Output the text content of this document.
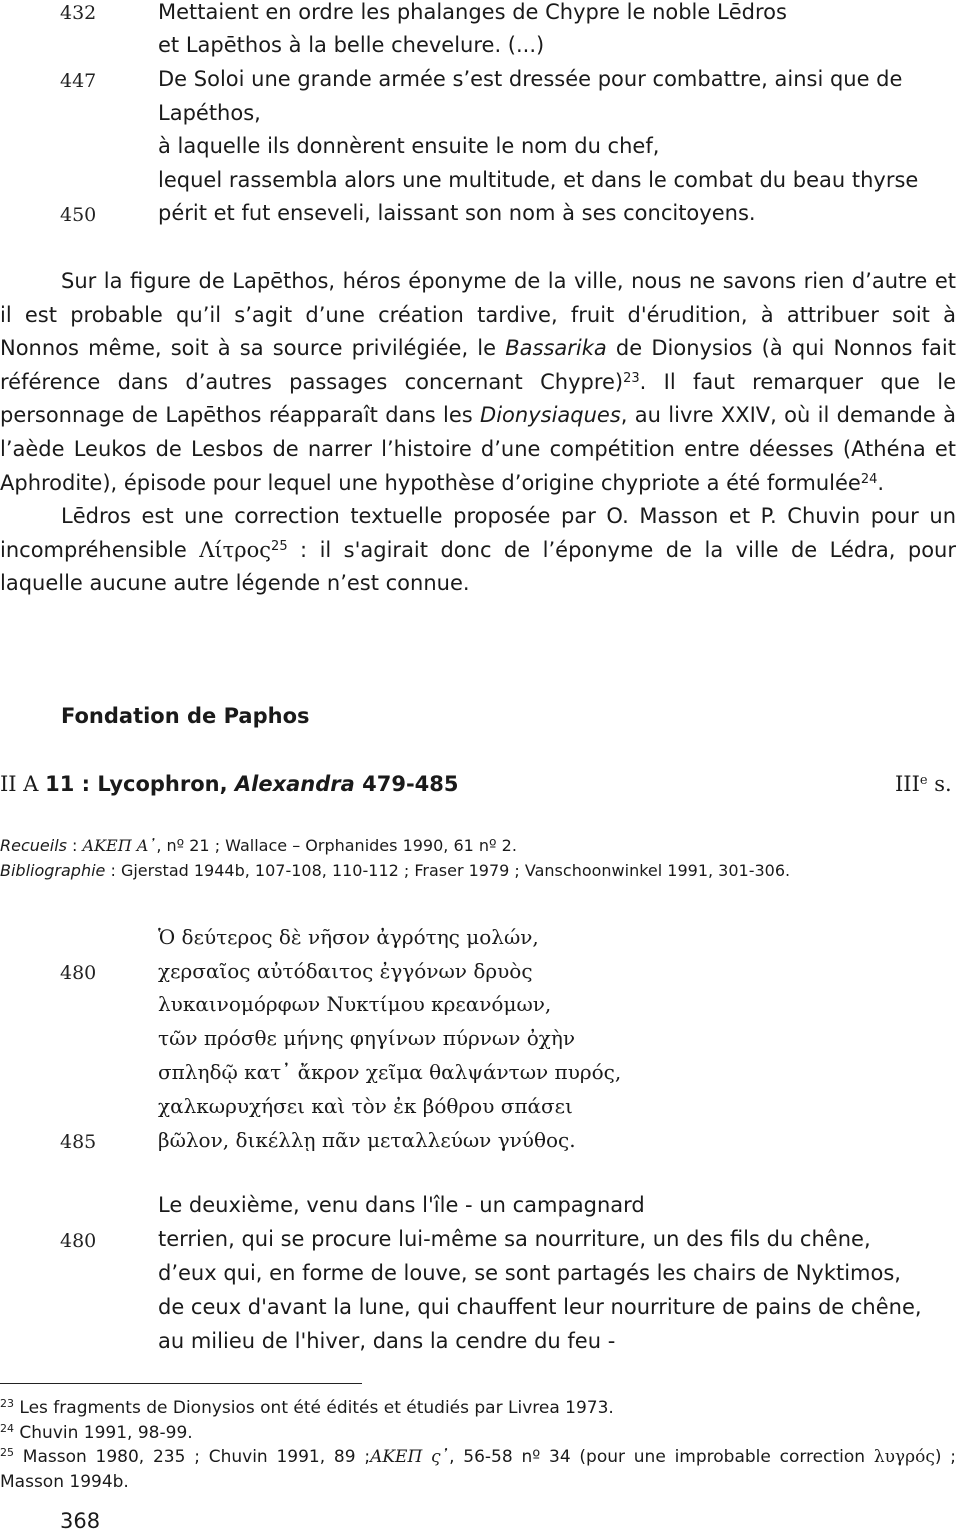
432	Mettaient en ordre les phalanges de Chypre le noble Lēdros
et Lapēthos à la belle chevelure. (...)
447	De Soloi une grande armée s’est dressée pour combattre, ainsi que de
Lapéthos,
à laquelle ils donnèrent ensuite le nom du chef,
lequel rassembla alors une multitude, et dans le combat du beau thyrse
450	périt et fut enseveli, laissant son nom à ses concitoyens.

Sur la figure de Lapēthos, héros éponyme de la ville, nous ne savons rien d’autre et il est probable qu’il s’agit d’une création tardive, fruit d'érudition, à attribuer soit à Nonnos même, soit à sa source privilégiée, le Bassarika de Dionysios (à qui Nonnos fait référence dans d’autres passages concernant Chypre)$^{23}$. Il faut remarquer que le personnage de Lapēthos réapparaît dans les Dionysiaques, au livre XXIV, où il demande à l’aède Leukos de Lesbos de narrer l’histoire d’une compétition entre déesses (Athéna et Aphrodite), épisode pour lequel une hypothèse d’origine chypriote a été formulée$^{24}$.

Lēdros est une correction textuelle proposée par O. Masson et P. Chuvin pour un incompréhensible Λίτρος$^{25}$ : il s'agirait donc de l’éponyme de la ville de Lédra, pour laquelle aucune autre légende n’est connue.

Fondation de Paphos
II A 11 : Lycophron, Alexandra 479-485	IIIe s.
Recueils : ΑΚΕΠ Α᾿, nº 21 ; Wallace – Orphanides 1990, 61 nº 2.
Bibliographie : Gjerstad 1944b, 107-108, 110-112 ; Fraser 1979 ; Vanschoonwinkel 1991, 301-306.
Ὁ δεύτερος δὲ νῆσον ἀγρότης μολών,
480	χερσαῖος αὐτόδαιτος ἐγγόνων δρυὸς
λυκαινομόρφων Νυκτίμου κρεανόμων,
τῶν πρόσθε μήνης φηγίνων πύρνων ὀχὴν
σπληδῷ κατ᾽ ἄκρον χεῖμα θαλψάντων πυρός,
χαλκωρυχήσει καὶ τὸν ἐκ βόθρου σπάσει
485	βῶλον, δικέλλῃ πᾶν μεταλλεύων γνύθος.
Le deuxième, venu dans l'île - un campagnard
480	terrien, qui se procure lui-même sa nourriture, un des fils du chêne,
d’eux qui, en forme de louve, se sont partagés les chairs de Nyktimos,
de ceux d'avant la lune, qui chauffent leur nourriture de pains de chêne,
au milieu de l'hiver, dans la cendre du feu -

$^{23}$ Les fragments de Dionysios ont été édités et étudiés par Livrea 1973.

$^{24}$ Chuvin 1991, 98-99.

$^{25}$ Masson 1980, 235 ; Chuvin 1991, 89 ;ΑΚΕΠ ς᾿, 56-58 nº 34 (pour une improbable correction λυγρός) ; Masson 1994b.

368
